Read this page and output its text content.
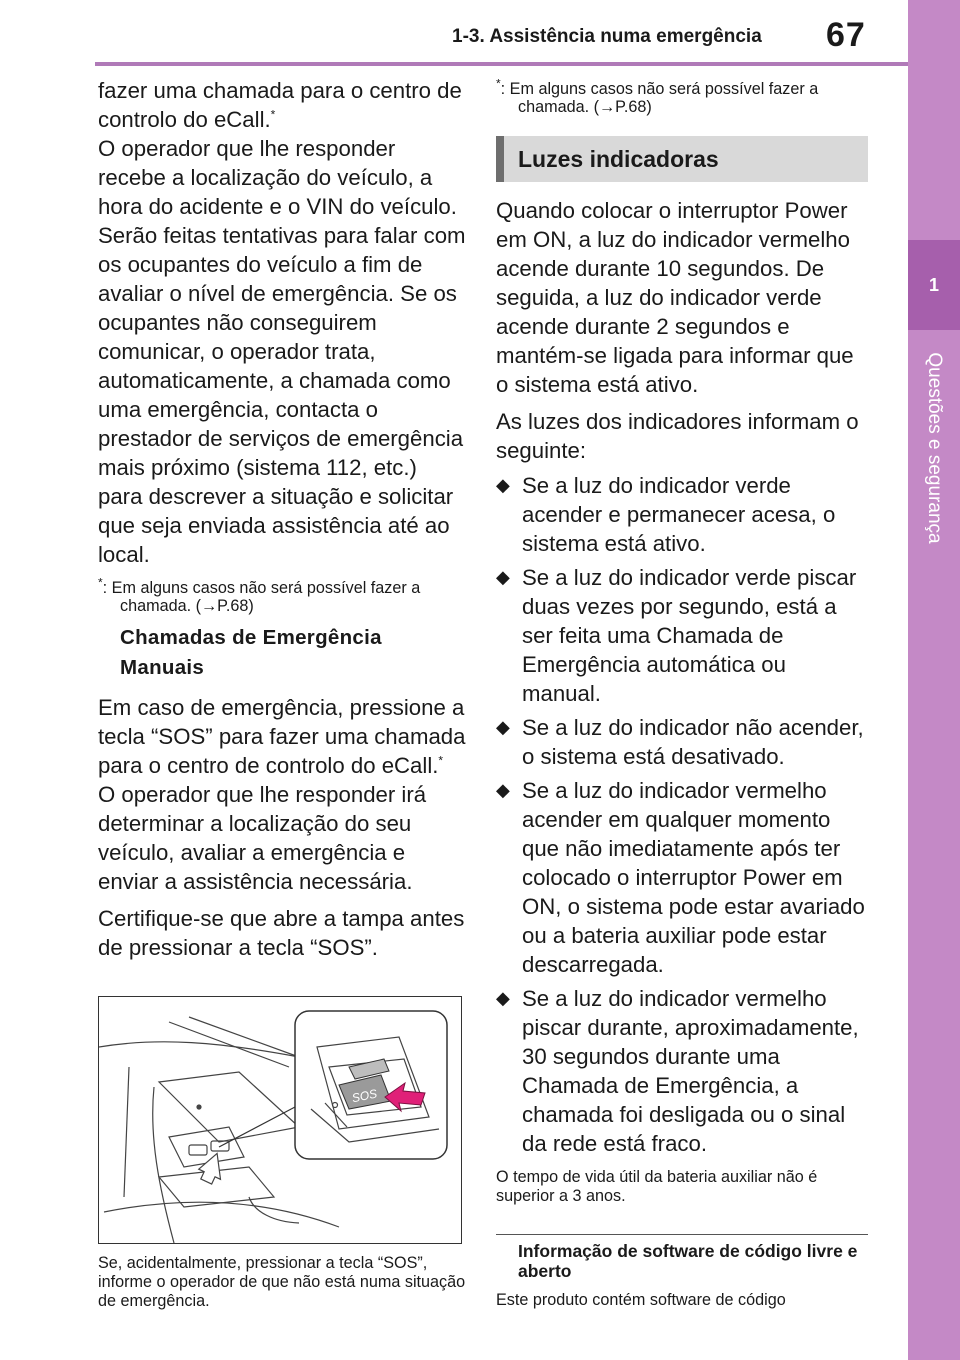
1-3. Assistência numa emergência 67
1
Questões e segurança

fazer uma chamada para o centro de controlo do eCall.*
O operador que lhe responder recebe a localização do veículo, a hora do acidente e o VIN do veículo. Serão feitas tentativas para falar com os ocupantes do veículo a fim de avaliar o nível de emergência. Se os ocupantes não conseguirem comunicar, o operador trata, automaticamente, a chamada como uma emergência, contacta o prestador de serviços de emergência mais próximo (sistema 112, etc.) para descrever a situação e solicitar que seja enviada assistência até ao local.

*: Em alguns casos não será possível fazer a chamada. (→P.68)

Chamadas de Emergência
Manuais

Em caso de emergência, pressione a tecla “SOS” para fazer uma chamada para o centro de controlo do eCall.* O operador que lhe responder irá determinar a localização do seu veículo, avaliar a emergência e enviar a assistência necessária.

Certifique-se que abre a tampa antes de pressionar a tecla “SOS”.

SOS
Se, acidentalmente, pressionar a tecla “SOS”, informe o operador de que não está numa situação de emergência.

*: Em alguns casos não será possível fazer a chamada. (→P.68)

Luzes indicadoras

Quando colocar o interruptor Power em ON, a luz do indicador vermelho acende durante 10 segundos. De seguida, a luz do indicador verde acende durante 2 segundos e mantém-se ligada para informar que o sistema está ativo.

As luzes dos indicadores informam o seguinte:

◆ Se a luz do indicador verde acender e permanecer acesa, o sistema está ativo.
◆ Se a luz do indicador verde piscar duas vezes por segundo, está a ser feita uma Chamada de Emergência automática ou manual.
◆ Se a luz do indicador não acender, o sistema está desativado.
◆ Se a luz do indicador vermelho acender em qualquer momento que não imediatamente após ter colocado o interruptor Power em ON, o sistema pode estar avariado ou a bateria auxiliar pode estar descarregada.
◆ Se a luz do indicador vermelho piscar durante, aproximadamente, 30 segundos durante uma Chamada de Emergência, a chamada foi desligada ou o sinal da rede está fraco.

O tempo de vida útil da bateria auxiliar não é superior a 3 anos.

Informação de software de código livre e aberto

Este produto contém software de código
